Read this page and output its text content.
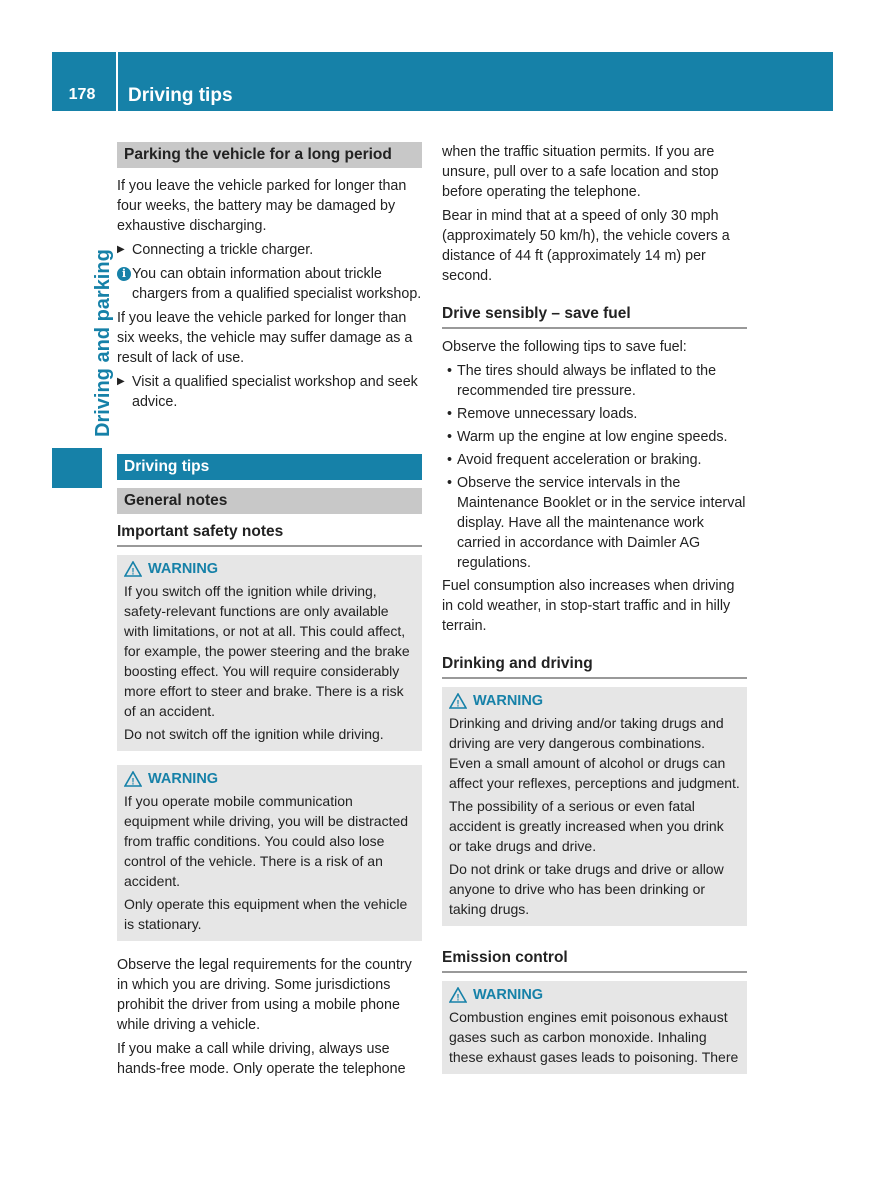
178	Driving tips
Driving and parking
Parking the vehicle for a long period

If you leave the vehicle parked for longer than four weeks, the battery may be damaged by exhaustive discharging.

▶ Connecting a trickle charger.
i You can obtain information about trickle chargers from a qualified specialist workshop.

If you leave the vehicle parked for longer than six weeks, the vehicle may suffer damage as a result of lack of use.

▶ Visit a qualified specialist workshop and seek advice.
Driving tips
General notes
Important safety notes
! WARNING

If you switch off the ignition while driving, safety-relevant functions are only available with limitations, or not at all. This could affect, for example, the power steering and the brake boosting effect. You will require considerably more effort to steer and brake. There is a risk of an accident.

Do not switch off the ignition while driving.

! WARNING

If you operate mobile communication equipment while driving, you will be distracted from traffic conditions. You could also lose control of the vehicle. There is a risk of an accident.

Only operate this equipment when the vehicle is stationary.

Observe the legal requirements for the country in which you are driving. Some jurisdictions prohibit the driver from using a mobile phone while driving a vehicle.

If you make a call while driving, always use hands-free mode. Only operate the telephone

when the traffic situation permits. If you are unsure, pull over to a safe location and stop before operating the telephone.

Bear in mind that at a speed of only 30 mph (approximately 50 km/h), the vehicle covers a distance of 44 ft (approximately 14 m) per second.

Drive sensibly – save fuel

Observe the following tips to save fuel:

• The tires should always be inflated to the recommended tire pressure.
• Remove unnecessary loads.
• Warm up the engine at low engine speeds.
• Avoid frequent acceleration or braking.
• Observe the service intervals in the Maintenance Booklet or in the service interval display. Have all the maintenance work carried in accordance with Daimler AG regulations.

Fuel consumption also increases when driving in cold weather, in stop-start traffic and in hilly terrain.

Drinking and driving
! WARNING

Drinking and driving and/or taking drugs and driving are very dangerous combinations. Even a small amount of alcohol or drugs can affect your reflexes, perceptions and judgment.

The possibility of a serious or even fatal accident is greatly increased when you drink or take drugs and drive.

Do not drink or take drugs and drive or allow anyone to drive who has been drinking or taking drugs.

Emission control
! WARNING

Combustion engines emit poisonous exhaust gases such as carbon monoxide. Inhaling these exhaust gases leads to poisoning. There
